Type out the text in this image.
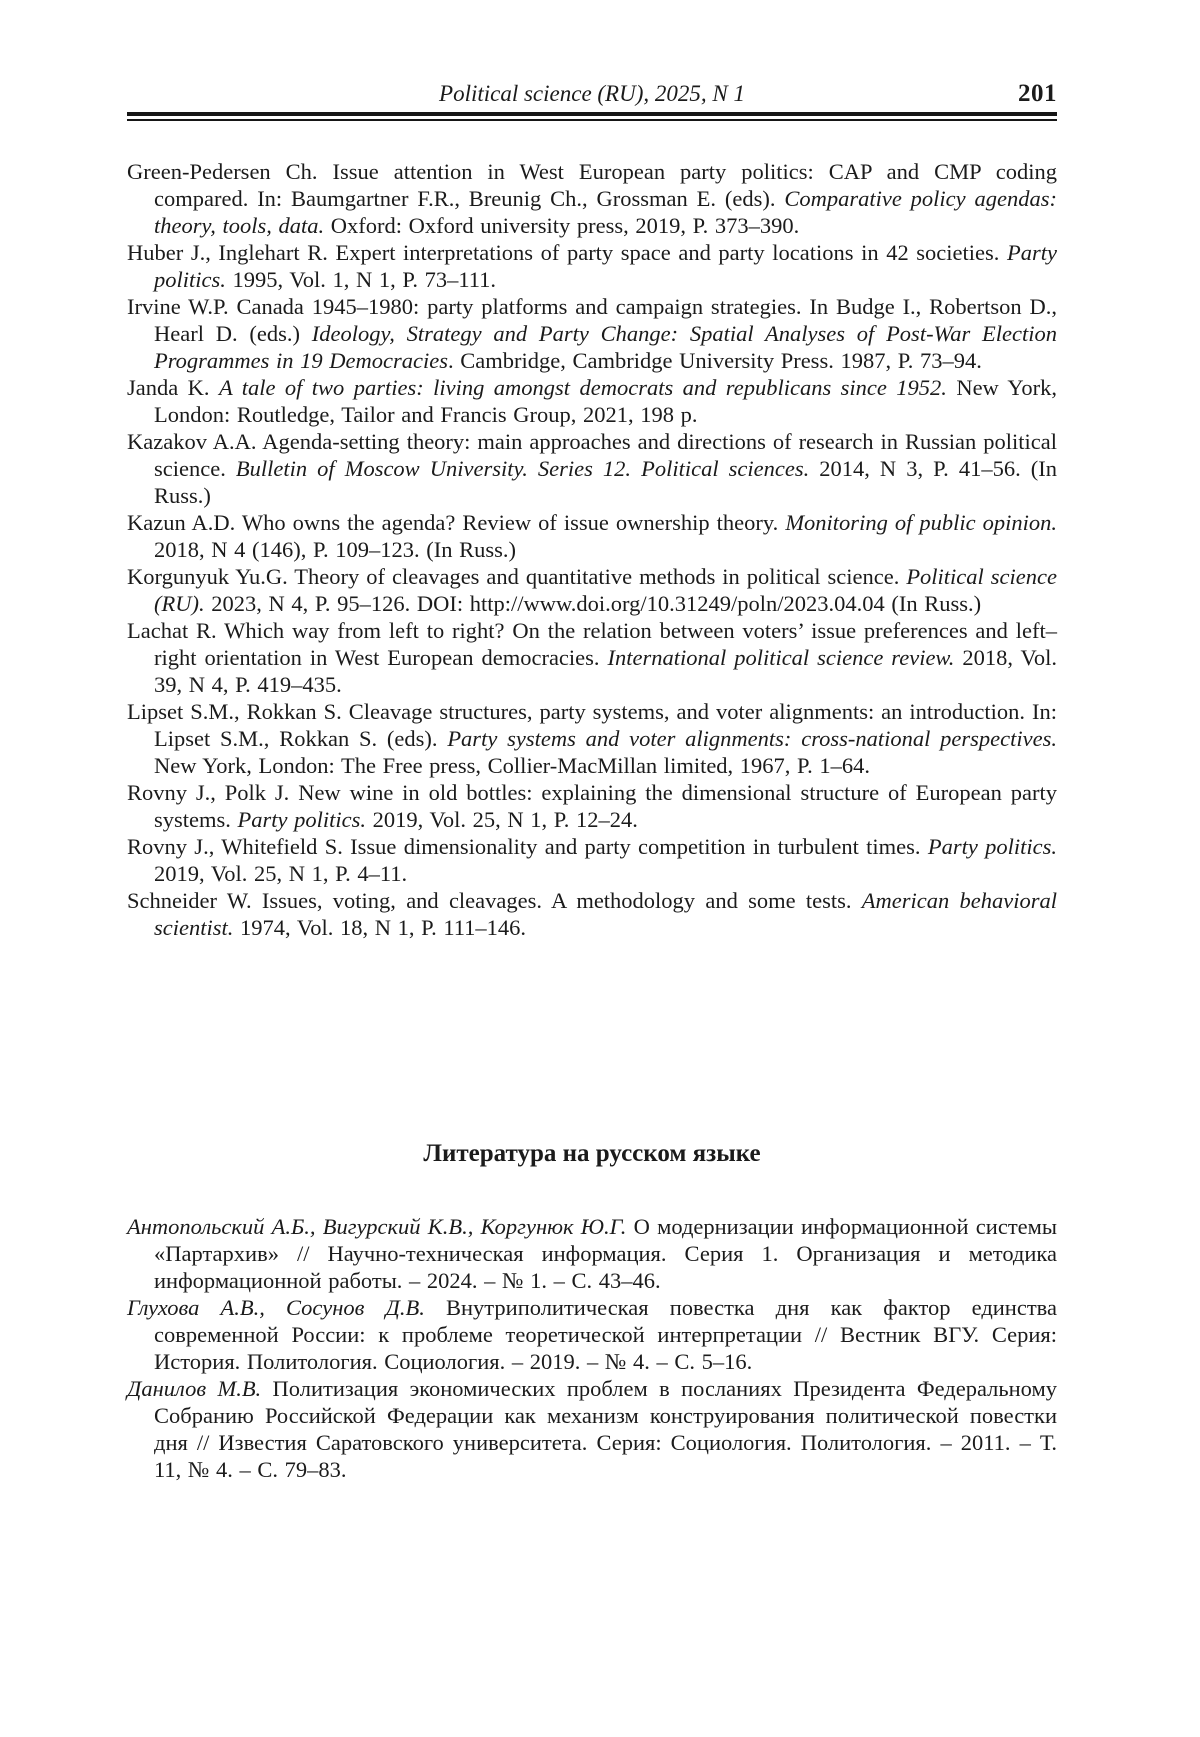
Political science (RU), 2025, N 1	201

Green-Pedersen Ch. Issue attention in West European party politics: CAP and CMP coding compared. In: Baumgartner F.R., Breunig Ch., Grossman E. (eds). Comparative policy agendas: theory, tools, data. Oxford: Oxford university press, 2019, P. 373–390.

Huber J., Inglehart R. Expert interpretations of party space and party locations in 42 societies. Party politics. 1995, Vol. 1, N 1, P. 73–111.

Irvine W.P. Canada 1945–1980: party platforms and campaign strategies. In Budge I., Robertson D., Hearl D. (eds.) Ideology, Strategy and Party Change: Spatial Analyses of Post-War Election Programmes in 19 Democracies. Cambridge, Cambridge University Press. 1987, P. 73–94.

Janda K. A tale of two parties: living amongst democrats and republicans since 1952. New York, London: Routledge, Tailor and Francis Group, 2021, 198 p.

Kazakov A.A. Agenda-setting theory: main approaches and directions of research in Russian political science. Bulletin of Moscow University. Series 12. Political sciences. 2014, N 3, P. 41–56. (In Russ.)

Kazun A.D. Who owns the agenda? Review of issue ownership theory. Monitoring of public opinion. 2018, N 4 (146), P. 109–123. (In Russ.)

Korgunyuk Yu.G. Theory of cleavages and quantitative methods in political science. Political science (RU). 2023, N 4, P. 95–126. DOI: http://www.doi.org/10.31249/poln/2023.04.04 (In Russ.)

Lachat R. Which way from left to right? On the relation between voters’ issue preferences and left–right orientation in West European democracies. International political science review. 2018, Vol. 39, N 4, P. 419–435.

Lipset S.M., Rokkan S. Cleavage structures, party systems, and voter alignments: an introduction. In: Lipset S.M., Rokkan S. (eds). Party systems and voter alignments: cross-national perspectives. New York, London: The Free press, Collier-MacMillan limited, 1967, P. 1–64.

Rovny J., Polk J. New wine in old bottles: explaining the dimensional structure of European party systems. Party politics. 2019, Vol. 25, N 1, P. 12–24.

Rovny J., Whitefield S. Issue dimensionality and party competition in turbulent times. Party politics. 2019, Vol. 25, N 1, P. 4–11.

Schneider W. Issues, voting, and cleavages. A methodology and some tests. American behavioral scientist. 1974, Vol. 18, N 1, P. 111–146.

Литература на русском языке

Антопольский А.Б., Вигурский К.В., Коргунюк Ю.Г. О модернизации информационной системы «Партархив» // Научно-техническая информация. Серия 1. Организация и методика информационной работы. – 2024. – № 1. – С. 43–46.

Глухова А.В., Сосунов Д.В. Внутриполитическая повестка дня как фактор единства современной России: к проблеме теоретической интерпретации // Вестник ВГУ. Серия: История. Политология. Социология. – 2019. – № 4. – С. 5–16.

Данилов М.В. Политизация экономических проблем в посланиях Президента Федеральному Собранию Российской Федерации как механизм конструирования политической повестки дня // Известия Саратовского университета. Серия: Социология. Политология. – 2011. – Т. 11, № 4. – С. 79–83.
